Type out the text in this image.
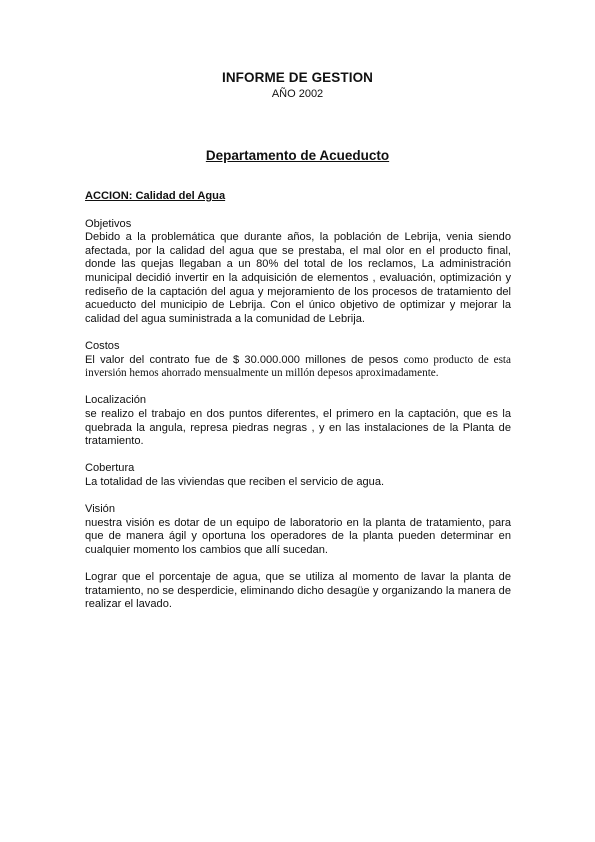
INFORME DE GESTION
AÑO 2002
Departamento de Acueducto
ACCION: Calidad del Agua
Objetivos
Debido a la problemática que durante años, la población de Lebrija, venia siendo afectada, por la calidad del agua que se prestaba, el mal olor en el producto final, donde las quejas llegaban a un 80% del total de los reclamos, La administración municipal decidió invertir en la adquisición de elementos , evaluación, optimización y rediseño de la captación del agua y mejoramiento de los procesos de tratamiento del acueducto del municipio de Lebrija. Con el único objetivo de optimizar y mejorar la calidad del agua suministrada a la comunidad de Lebrija.
Costos
El valor del contrato fue de $ 30.000.000 millones de pesos como producto de esta inversión hemos ahorrado mensualmente un millón depesos aproximadamente.
Localización
se realizo el trabajo en dos puntos diferentes, el primero en la captación, que es la quebrada la angula, represa piedras negras , y en las instalaciones de la Planta de tratamiento.
Cobertura
La totalidad de las viviendas que reciben el servicio de agua.
Visión
nuestra visión es dotar de un equipo de laboratorio en la planta de tratamiento, para que de manera ágil y oportuna los operadores de la planta pueden determinar en cualquier momento los cambios que allí sucedan.
Lograr que el porcentaje de agua, que se utiliza al momento de lavar la planta de tratamiento, no se desperdicie, eliminando dicho desagüe y organizando la manera de realizar el lavado.
